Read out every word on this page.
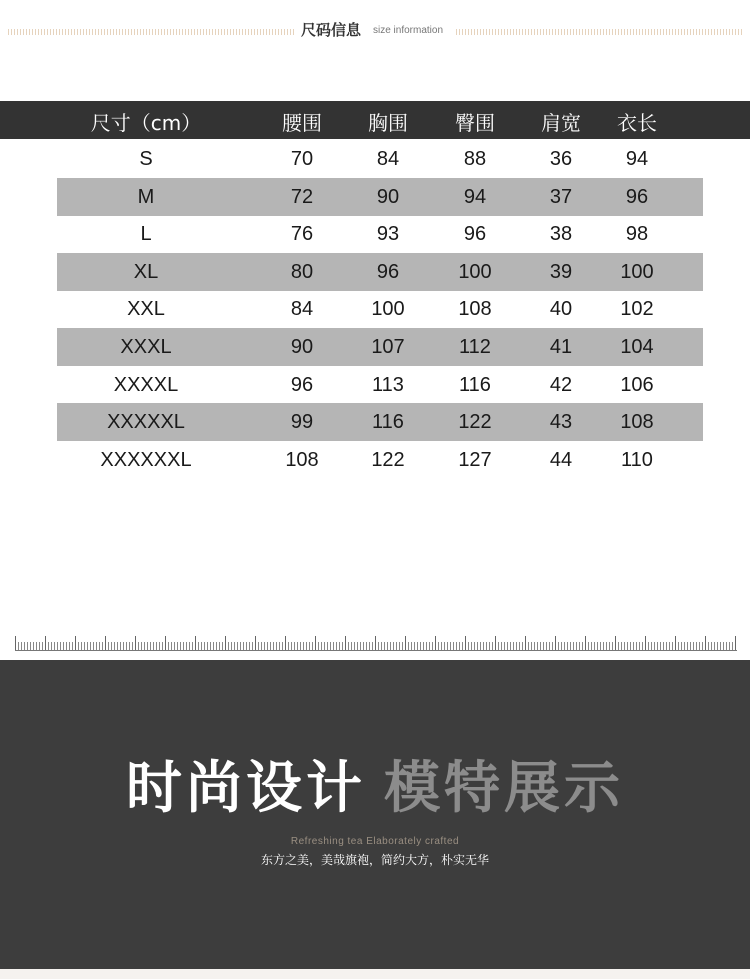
尺码信息 size information
尺寸（cm）	腰围	胸围	臀围	肩宽	衣长
S	70	84	88	36	94
M	72	90	94	37	96
L	76	93	96	38	98
XL	80	96	100	39	100
XXL	84	100	108	40	102
XXXL	90	107	112	41	104
XXXXL	96	113	116	42	106
XXXXXL	99	116	122	43	108
XXXXXXL	108	122	127	44	110
时尚设计 模特展示
Refreshing tea Elaborately crafted
东方之美，美哉旗袍，简约大方，朴实无华
